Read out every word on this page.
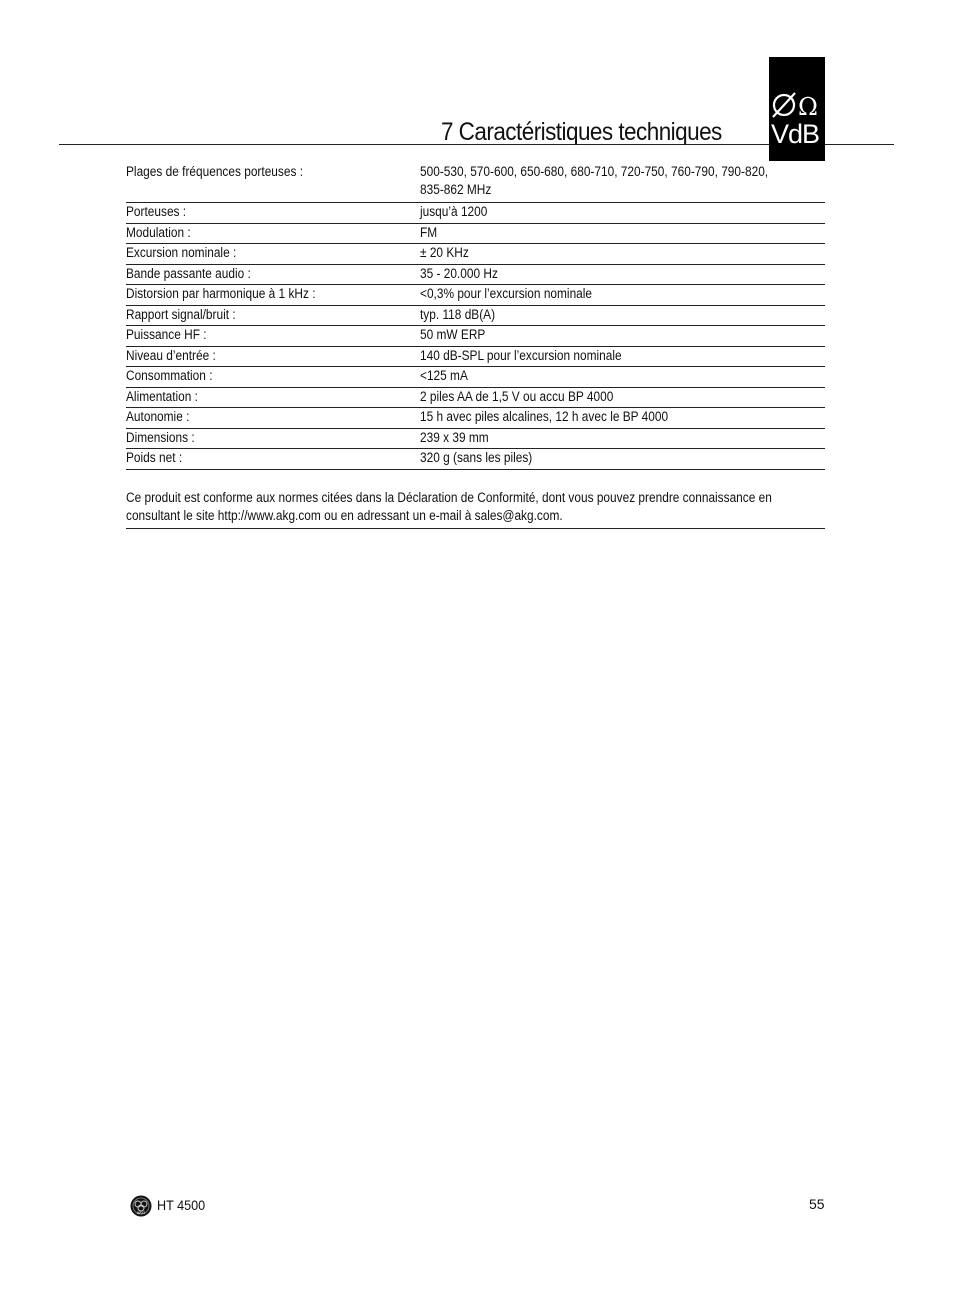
7 Caractéristiques techniques
Ω
VdB
Plages de fréquences porteuses :	500-530, 570-600, 650-680, 680-710, 720-750, 760-790, 790-820, 835-862 MHz

Porteuses :	jusqu’à 1200
Modulation :	FM
Excursion nominale :	± 20 KHz
Bande passante audio :	35 - 20.000 Hz
Distorsion par harmonique à 1 kHz :	<0,3% pour l’excursion nominale
Rapport signal/bruit :	typ. 118 dB(A)
Puissance HF :	50 mW ERP
Niveau d’entrée :	140 dB-SPL pour l’excursion nominale
Consommation :	<125 mA
Alimentation :	2 piles AA de 1,5 V ou accu BP 4000
Autonomie :	15 h avec piles alcalines, 12 h avec le BP 4000
Dimensions :	239 x 39 mm
Poids net :	320 g (sans les piles)
Ce produit est conforme aux normes citées dans la Déclaration de Conformité, dont vous pouvez prendre connaissance en consultant le site http://www.akg.com ou en adressant un e-mail à sales@akg.com.
AKG HT 4500	55
